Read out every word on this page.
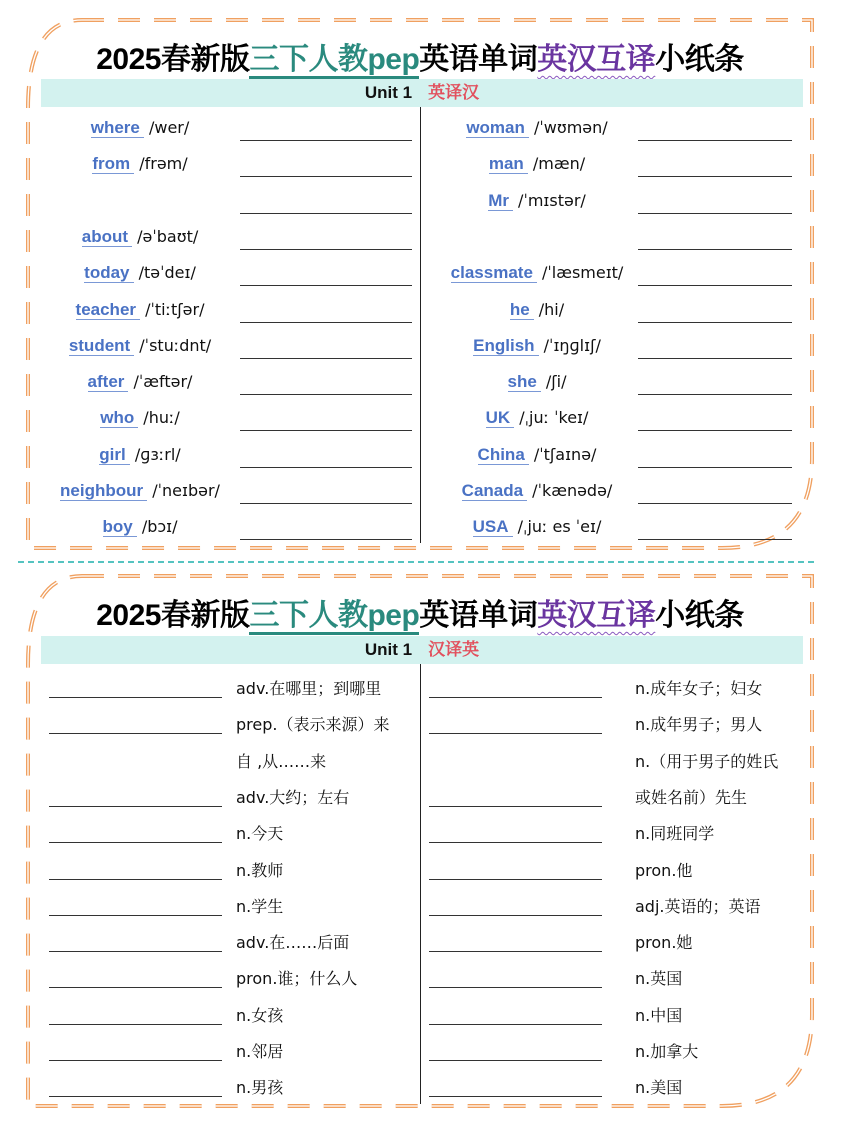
2025春新版三下人教pep英语单词英汉互译小纸条
Unit 1 英译汉
where /wer/
from /frəm/
about /əˈbaʊt/
today /təˈdeɪ/
teacher /ˈtiːtʃər/
student /ˈstuːdnt/
after /ˈæftər/
who /huː/
girl /ɡɜːrl/
neighbour /ˈneɪbər/
boy /bɔɪ/
woman /ˈwʊmən/
man /mæn/
Mr /ˈmɪstər/
classmate /ˈlæsmeɪt/
he /hi/
English /ˈɪŋɡlɪʃ/
she /ʃi/
UK /ˌjuː ˈkeɪ/
China /ˈtʃaɪnə/
Canada /ˈkænədə/
USA /ˌjuː es ˈeɪ/
2025春新版三下人教pep英语单词英汉互译小纸条
Unit 1 汉译英
adv.在哪里；到哪里
prep.（表示来源）来
自 ,从……来
adv.大约；左右
n.今天
n.教师
n.学生
adv.在……后面
pron.谁；什么人
n.女孩
n.邻居
n.男孩
n.成年女子；妇女
n.成年男子；男人
n.（用于男子的姓氏
或姓名前）先生
n.同班同学
pron.他
adj.英语的；英语
pron.她
n.英国
n.中国
n.加拿大
n.美国
